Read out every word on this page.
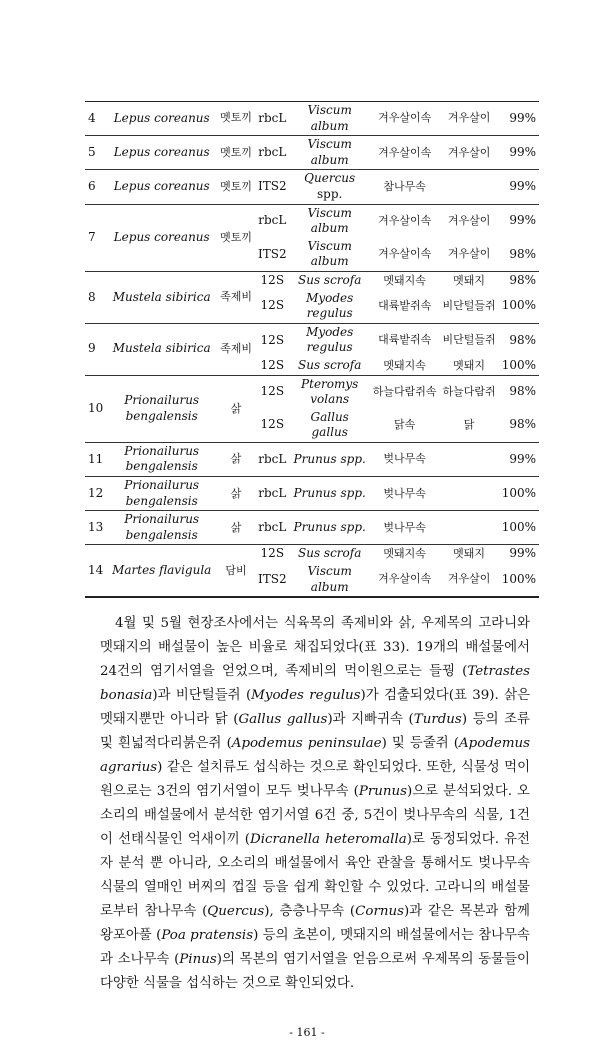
4	Lepus coreanus	멧토끼	rbcL	Viscum album	겨우살이속	겨우살이	99%
5	Lepus coreanus	멧토끼	rbcL	Viscum album	겨우살이속	겨우살이	99%
6	Lepus coreanus	멧토끼	ITS2	Quercus spp.	참나무속		99%
7	Lepus coreanus	멧토끼	rbcL	Viscum album	겨우살이속	겨우살이	99%
			ITS2	Viscum album	겨우살이속	겨우살이	98%
8	Mustela sibirica	족제비	12S	Sus scrofa	멧돼지속	멧돼지	98%
			12S	Myodes regulus	대륙밭쥐속	비단털들쥐	100%
9	Mustela sibirica	족제비	12S	Myodes regulus	대륙밭쥐속	비단털들쥐	98%
			12S	Sus scrofa	멧돼지속	멧돼지	100%
10	Prionailurus bengalensis	삵	12S	Pteromys volans	하늘다람쥐속	하늘다람쥐	98%
			12S	Gallus gallus	닭속	닭	98%
11	Prionailurus bengalensis	삵	rbcL	Prunus spp.	벚나무속		99%
12	Prionailurus bengalensis	삵	rbcL	Prunus spp.	벚나무속		100%
13	Prionailurus bengalensis	삵	rbcL	Prunus spp.	벚나무속		100%
14	Martes flavigula	담비	12S	Sus scrofa	멧돼지속	멧돼지	99%
			ITS2	Viscum album	겨우살이속	겨우살이	100%

4월 및 5월 현장조사에서는 식육목의 족제비와 삵, 우제목의 고라니와 멧돼지의 배설물이 높은 비율로 채집되었다(표 33). 19개의 배설물에서 24건의 염기서열을 얻었으며, 족제비의 먹이원으로는 들꿩 (Tetrastes bonasia)과 비단털들쥐 (Myodes regulus)가 검출되었다(표 39). 삵은 멧돼지뿐만 아니라 닭 (Gallus gallus)과 지빠귀속 (Turdus) 등의 조류 및 흰넓적다리붉은쥐 (Apodemus peninsulae) 및 등줄쥐 (Apodemus agrarius) 같은 설치류도 섭식하는 것으로 확인되었다. 또한, 식물성 먹이원으로는 3건의 염기서열이 모두 벚나무속 (Prunus)으로 분석되었다. 오소리의 배설물에서 분석한 염기서열 6건 중, 5건이 벚나무속의 식물, 1건이 선태식물인 억새이끼 (Dicranella heteromalla)로 동정되었다. 유전자 분석 뿐 아니라, 오소리의 배설물에서 육안 관찰을 통해서도 벚나무속 식물의 열매인 버찌의 껍질 등을 쉽게 확인할 수 있었다. 고라니의 배설물로부터 참나무속 (Quercus), 층층나무속 (Cornus)과 같은 목본과 함께 왕포아풀 (Poa pratensis) 등의 초본이, 멧돼지의 배설물에서는 참나무속과 소나무속 (Pinus)의 목본의 염기서열을 얻음으로써 우제목의 동물들이 다양한 식물을 섭식하는 것으로 확인되었다.

- 161 -
